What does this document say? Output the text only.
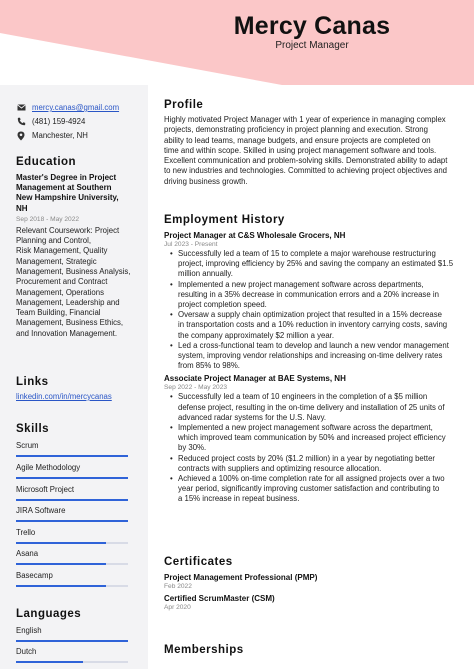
Mercy Canas
Project Manager
mercy.canas@gmail.com
(481) 159-4924
Manchester, NH
Education
Master's Degree in Project
Management at Southern
New Hampshire University,
NH
Sep 2018 - May 2022
Relevant Coursework: Project
Planning and Control,
Risk Management, Quality
Management, Strategic
Management, Business Analysis,
Procurement and Contract
Management, Operations
Management, Leadership and
Team Building, Financial
Management, Business Ethics,
and Innovation Management.
Links
linkedin.com/in/mercycanas
Skills
Scrum
Agile Methodology
Microsoft Project
JIRA Software
Trello
Asana
Basecamp
Languages
English
Dutch
Profile
Highly motivated Project Manager with 1 year of experience in managing complex
projects, demonstrating proficiency in project planning and execution. Strong
ability to lead teams, manage budgets, and ensure projects are completed on
time and within scope. Skilled in using project management software and tools.
Excellent communication and problem-solving skills. Demonstrated ability to adapt
to new industries and technologies. Committed to achieving project objectives and
driving business growth.
Employment History
Project Manager at C&S Wholesale Grocers, NH
Jul 2023 - Present
• Successfully led a team of 15 to complete a major warehouse restructuring
project, improving efficiency by 25% and saving the company an estimated $1.5
million annually.
• Implemented a new project management software across departments,
resulting in a 35% decrease in communication errors and a 20% increase in
project completion speed.
• Oversaw a supply chain optimization project that resulted in a 15% decrease
in transportation costs and a 10% reduction in inventory carrying costs, saving
the company approximately $2 million a year.
• Led a cross-functional team to develop and launch a new vendor management
system, improving vendor relationships and increasing on-time delivery rates
from 85% to 98%.
Associate Project Manager at BAE Systems, NH
Sep 2022 - May 2023
• Successfully led a team of 10 engineers in the completion of a $5 million
defense project, resulting in the on-time delivery and installation of 25 units of
advanced radar systems for the U.S. Navy.
• Implemented a new project management software across the department,
which improved team communication by 50% and increased project efficiency
by 30%.
• Reduced project costs by 20% ($1.2 million) in a year by negotiating better
contracts with suppliers and optimizing resource allocation.
• Achieved a 100% on-time completion rate for all assigned projects over a two
year period, significantly improving customer satisfaction and contributing to
a 15% increase in repeat business.
Certificates
Project Management Professional (PMP)
Feb 2022
Certified ScrumMaster (CSM)
Apr 2020
Memberships
